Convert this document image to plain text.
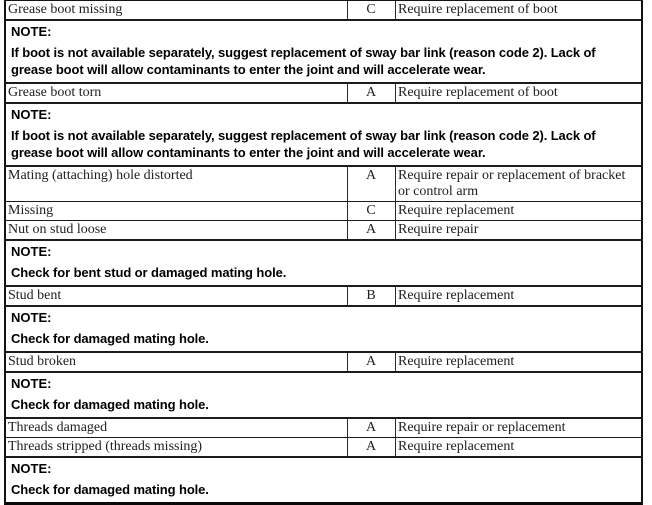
Grease boot missing	C	Require replacement of boot
NOTE:
If boot is not available separately, suggest replacement of sway bar link (reason code 2). Lack of grease boot will allow contaminants to enter the joint and will accelerate wear.
Grease boot torn	A	Require replacement of boot
NOTE:
If boot is not available separately, suggest replacement of sway bar link (reason code 2). Lack of grease boot will allow contaminants to enter the joint and will accelerate wear.
Mating (attaching) hole distorted	A	Require repair or replacement of bracket or control arm
Missing	C	Require replacement
Nut on stud loose	A	Require repair
NOTE:
Check for bent stud or damaged mating hole.
Stud bent	B	Require replacement
NOTE:
Check for damaged mating hole.
Stud broken	A	Require replacement
NOTE:
Check for damaged mating hole.
Threads damaged	A	Require repair or replacement
Threads stripped (threads missing)	A	Require replacement
NOTE:
Check for damaged mating hole.
